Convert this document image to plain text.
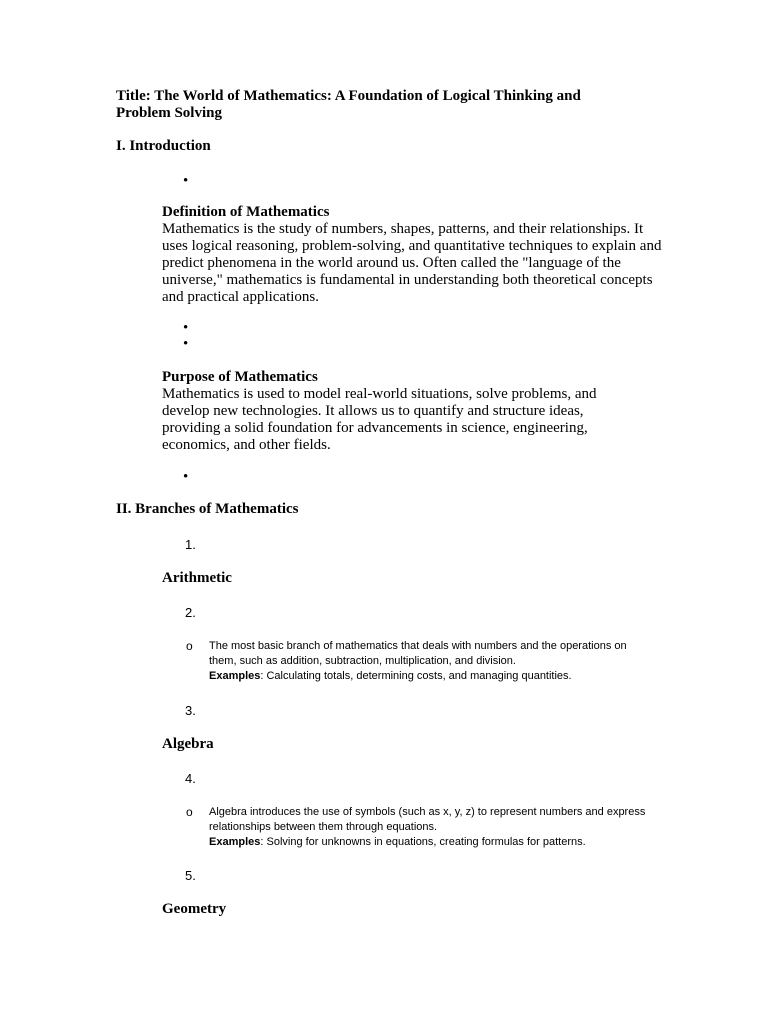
Title: The World of Mathematics: A Foundation of Logical Thinking and Problem Solving
I. Introduction
•
Definition of Mathematics
Mathematics is the study of numbers, shapes, patterns, and their relationships. It uses logical reasoning, problem-solving, and quantitative techniques to explain and predict phenomena in the world around us. Often called the "language of the universe," mathematics is fundamental in understanding both theoretical concepts and practical applications.
•
•
Purpose of Mathematics
Mathematics is used to model real-world situations, solve problems, and develop new technologies. It allows us to quantify and structure ideas, providing a solid foundation for advancements in science, engineering, economics, and other fields.
•
II. Branches of Mathematics
1.
Arithmetic
2.
o The most basic branch of mathematics that deals with numbers and the operations on them, such as addition, subtraction, multiplication, and division.
Examples: Calculating totals, determining costs, and managing quantities.
3.
Algebra
4.
o Algebra introduces the use of symbols (such as x, y, z) to represent numbers and express relationships between them through equations.
Examples: Solving for unknowns in equations, creating formulas for patterns.
5.
Geometry
